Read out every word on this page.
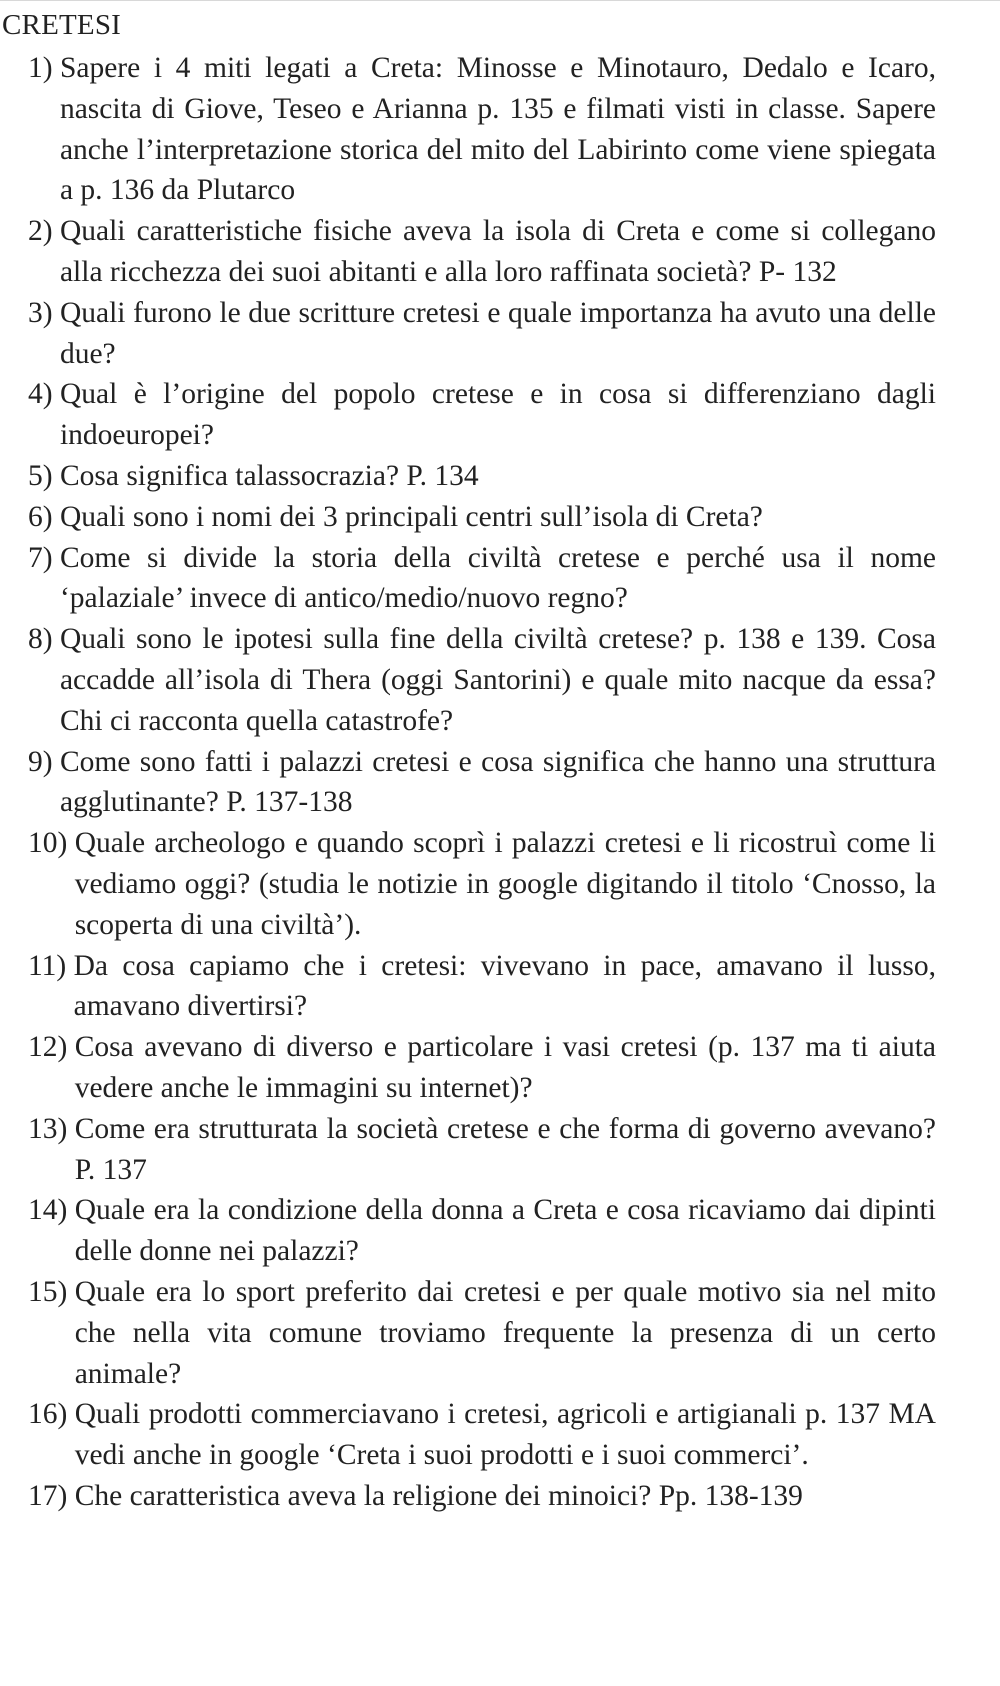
CRETESI
1) Sapere i 4 miti legati a Creta: Minosse e Minotauro, Dedalo e Icaro, nascita di Giove, Teseo e Arianna p. 135 e filmati visti in classe. Sapere anche l’interpretazione storica del mito del Labirinto come viene spiegata a p. 136 da Plutarco
2) Quali caratteristiche fisiche aveva la isola di Creta e come si collegano alla ricchezza dei suoi abitanti e alla loro raffinata società? P- 132
3) Quali furono le due scritture cretesi e quale importanza ha avuto una delle due?
4) Qual è l’origine del popolo cretese e in cosa si differenziano dagli indoeuropei?
5) Cosa significa talassocrazia? P. 134
6) Quali sono i nomi dei 3 principali centri sull’isola di Creta?
7) Come si divide la storia della civiltà cretese e perché usa il nome ‘palaziale’ invece di antico/medio/nuovo regno?
8) Quali sono le ipotesi sulla fine della civiltà cretese? p. 138 e 139. Cosa accadde all’isola di Thera (oggi Santorini) e quale mito nacque da essa? Chi ci racconta quella catastrofe?
9) Come sono fatti i palazzi cretesi e cosa significa che hanno una struttura agglutinante? P. 137-138
10) Quale archeologo e quando scoprì i palazzi cretesi e li ricostruì come li vediamo oggi? (studia le notizie in google digitando il titolo ‘Cnosso, la scoperta di una civiltà’).
11) Da cosa capiamo che i cretesi: vivevano in pace, amavano il lusso, amavano divertirsi?
12) Cosa avevano di diverso e particolare i vasi cretesi (p. 137 ma ti aiuta vedere anche le immagini su internet)?
13) Come era strutturata la società cretese e che forma di governo avevano? P. 137
14) Quale era la condizione della donna a Creta e cosa ricaviamo dai dipinti delle donne nei palazzi?
15) Quale era lo sport preferito dai cretesi e per quale motivo sia nel mito che nella vita comune troviamo frequente la presenza di un certo animale?
16) Quali prodotti commerciavano i cretesi, agricoli e artigianali p. 137 MA vedi anche in google ‘Creta i suoi prodotti e i suoi commerci’.
17) Che caratteristica aveva la religione dei minoici? Pp. 138-139
